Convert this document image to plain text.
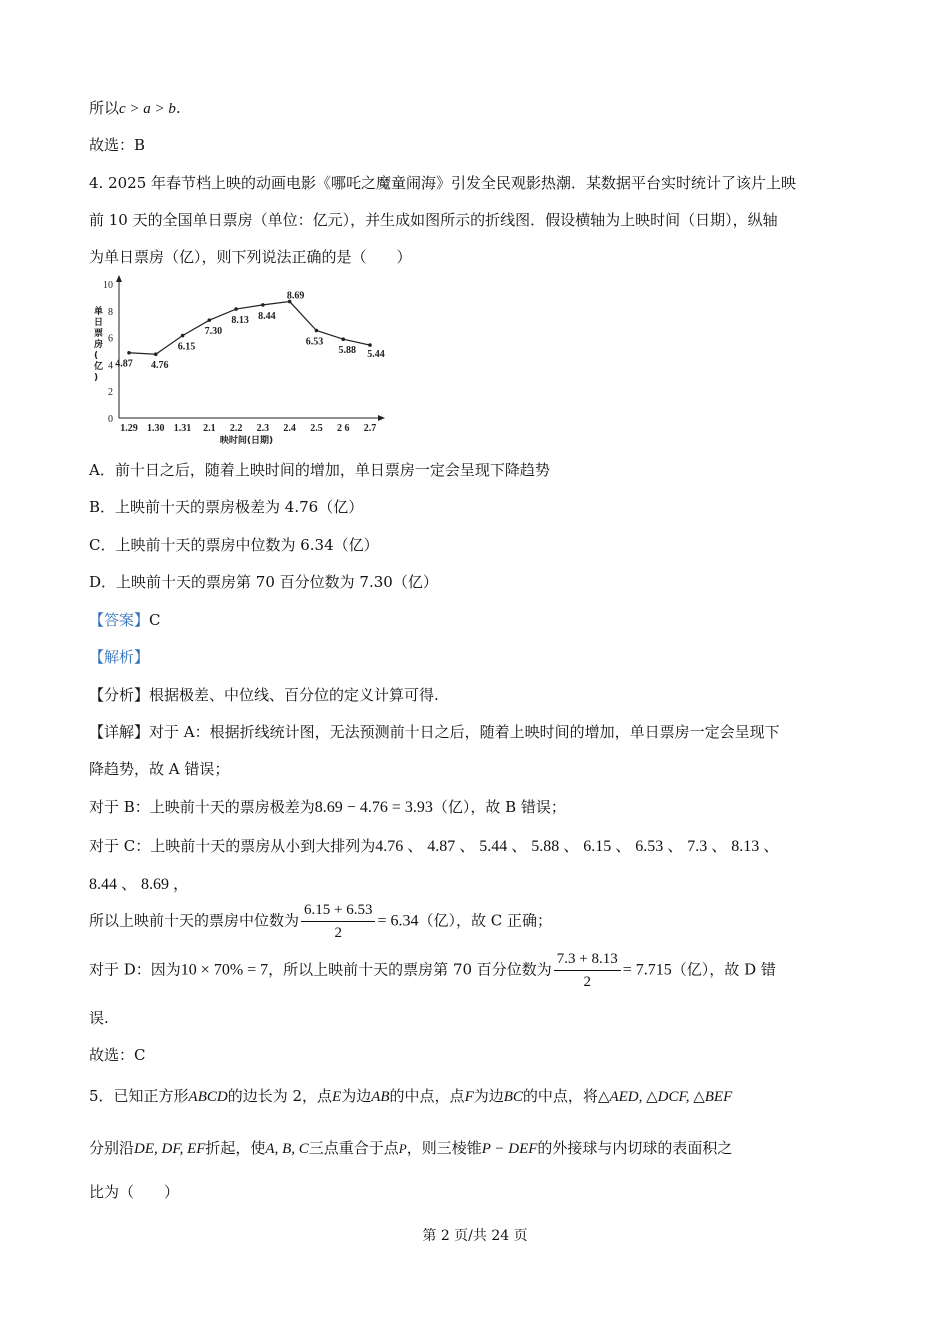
所以c > a > b.
故选：B
4. 2025 年春节档上映的动画电影《哪吒之魔童闹海》引发全民观影热潮．某数据平台实时统计了该片上映
前 10 天的全国单日票房（单位：亿元），并生成如图所示的折线图．假设横轴为上映时间（日期），纵轴
为单日票房（亿），则下列说法正确的是（　　）
0
2
4
6
8
10
1.29 1.30 1.31 2.1 2.2 2.3 2.4 2.5 2 6 2.7
映时间(日期)
单日票房(亿)
4.87 4.76
6.15
7.30
8.13 8.44
8.69
6.53
5.88 5.44
A．前十日之后，随着上映时间的增加，单日票房一定会呈现下降趋势
B．上映前十天的票房极差为 4.76（亿）
C．上映前十天的票房中位数为 6.34（亿）
D．上映前十天的票房第 70 百分位数为 7.30（亿）
【答案】C
【解析】
【分析】根据极差、中位线、百分位的定义计算可得.
【详解】对于 A：根据折线统计图，无法预测前十日之后，随着上映时间的增加，单日票房一定会呈现下
降趋势，故 A 错误；
对于 B：上映前十天的票房极差为8.69 − 4.76 = 3.93（亿），故 B 错误；
对于 C：上映前十天的票房从小到大排列为4.76 、 4.87 、 5.44 、 5.88 、 6.15 、 6.53 、 7.3 、 8.13 、
8.44 、 8.69 ，
所以上映前十天的票房中位数为 $\frac{6.15 + 6.53}{2} = 6.34$（亿），故 C 正确；
对于 D：因为10 × 70% = 7，所以上映前十天的票房第 70 百分位数为 $\frac{7.3 + 8.13}{2} = 7.715$（亿），故 D 错
误.
故选：C
5．已知正方形ABCD的边长为 2，点E为边AB的中点，点F为边BC的中点，将△AED, △DCF, △BEF
分别沿DE, DF, EF折起，使A, B, C三点重合于点P，则三棱锥P − DEF的外接球与内切球的表面积之
比为（　　）
第 2 页/共 24 页
